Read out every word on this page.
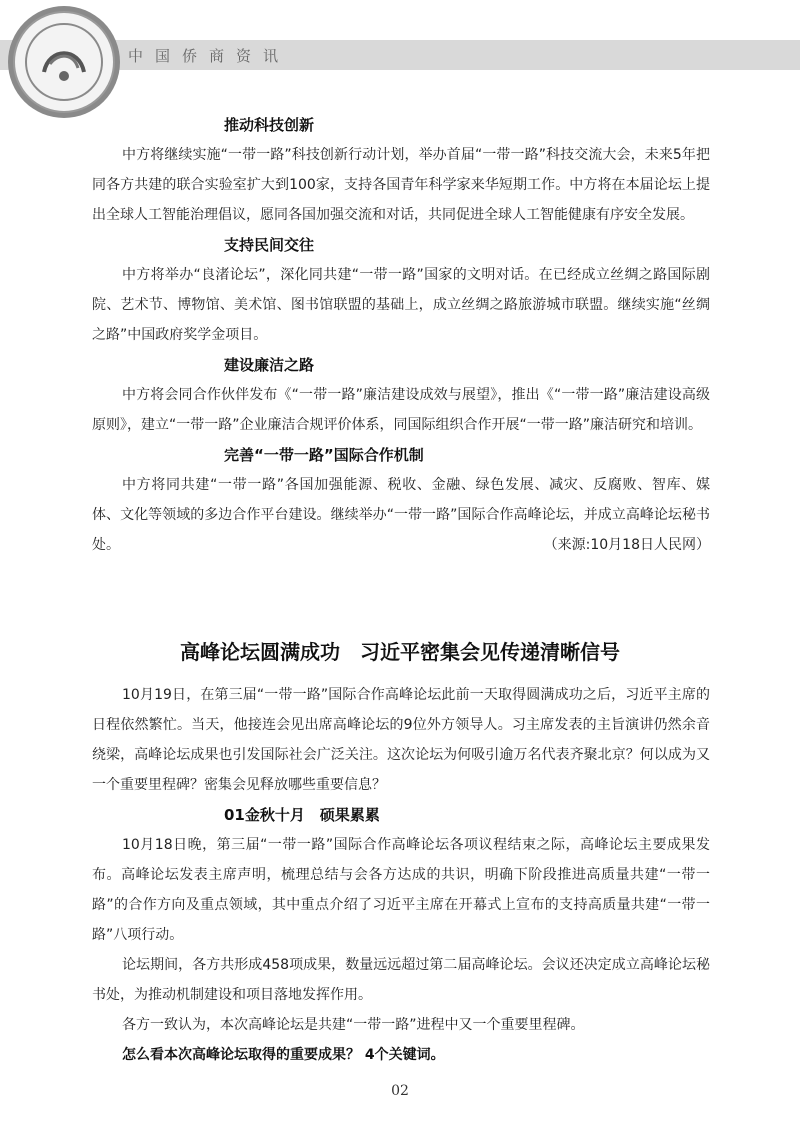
中国侨商资讯
推动科技创新

中方将继续实施“一带一路”科技创新行动计划，举办首届“一带一路”科技交流大会，未来5年把同各方共建的联合实验室扩大到100家，支持各国青年科学家来华短期工作。中方将在本届论坛上提出全球人工智能治理倡议，愿同各国加强交流和对话，共同促进全球人工智能健康有序安全发展。

支持民间交往

中方将举办“良渚论坛”，深化同共建“一带一路”国家的文明对话。在已经成立丝绸之路国际剧院、艺术节、博物馆、美术馆、图书馆联盟的基础上，成立丝绸之路旅游城市联盟。继续实施“丝绸之路”中国政府奖学金项目。

建设廉洁之路

中方将会同合作伙伴发布《“一带一路”廉洁建设成效与展望》，推出《“一带一路”廉洁建设高级原则》，建立“一带一路”企业廉洁合规评价体系，同国际组织合作开展“一带一路”廉洁研究和培训。

完善“一带一路”国际合作机制

中方将同共建“一带一路”各国加强能源、税收、金融、绿色发展、减灾、反腐败、智库、媒体、文化等领域的多边合作平台建设。继续举办“一带一路”国际合作高峰论坛，并成立高峰论坛秘书处。	（来源:10月18日人民网）
高峰论坛圆满成功　习近平密集会见传递清晰信号

10月19日，在第三届“一带一路”国际合作高峰论坛此前一天取得圆满成功之后，习近平主席的日程依然繁忙。当天，他接连会见出席高峰论坛的9位外方领导人。习主席发表的主旨演讲仍然余音绕梁，高峰论坛成果也引发国际社会广泛关注。这次论坛为何吸引逾万名代表齐聚北京？何以成为又一个重要里程碑？密集会见释放哪些重要信息？

01金秋十月　硕果累累

10月18日晚，第三届“一带一路”国际合作高峰论坛各项议程结束之际，高峰论坛主要成果发布。高峰论坛发表主席声明，梳理总结与会各方达成的共识，明确下阶段推进高质量共建“一带一路”的合作方向及重点领域，其中重点介绍了习近平主席在开幕式上宣布的支持高质量共建“一带一路”八项行动。

论坛期间，各方共形成458项成果，数量远远超过第二届高峰论坛。会议还决定成立高峰论坛秘书处，为推动机制建设和项目落地发挥作用。

各方一致认为，本次高峰论坛是共建“一带一路”进程中又一个重要里程碑。

怎么看本次高峰论坛取得的重要成果？ 4个关键词。

02
